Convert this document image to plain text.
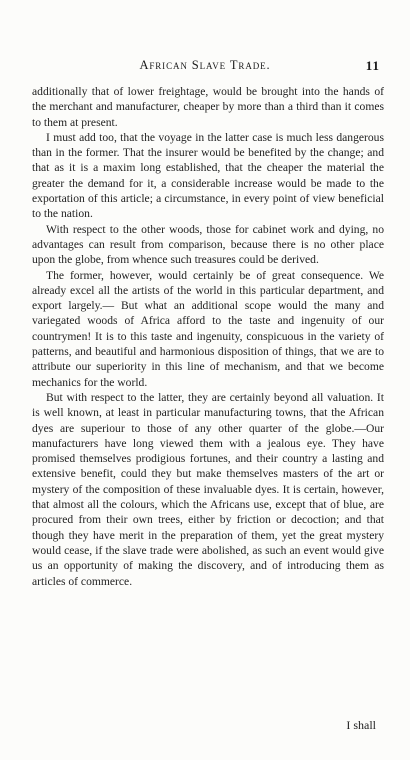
African Slave Trade.	11

additionally that of lower freightage, would be brought into the hands of the merchant and manufacturer, cheaper by more than a third than it comes to them at present.

I must add too, that the voyage in the latter case is much less dangerous than in the former. That the insurer would be benefited by the change; and that as it is a maxim long established, that the cheaper the material the greater the demand for it, a considerable increase would be made to the exportation of this article; a circumstance, in every point of view beneficial to the nation.

With respect to the other woods, those for cabinet work and dying, no advantages can result from comparison, because there is no other place upon the globe, from whence such treasures could be derived.

The former, however, would certainly be of great consequence. We already excel all the artists of the world in this particular department, and export largely.— But what an additional scope would the many and variegated woods of Africa afford to the taste and ingenuity of our countrymen! It is to this taste and ingenuity, conspicuous in the variety of patterns, and beautiful and harmonious disposition of things, that we are to attribute our superiority in this line of mechanism, and that we become mechanics for the world.

But with respect to the latter, they are certainly beyond all valuation. It is well known, at least in particular manufacturing towns, that the African dyes are superiour to those of any other quarter of the globe.—Our manufacturers have long viewed them with a jealous eye. They have promised themselves prodigious fortunes, and their country a lasting and extensive benefit, could they but make themselves masters of the art or mystery of the composition of these invaluable dyes. It is certain, however, that almost all the colours, which the Africans use, except that of blue, are procured from their own trees, either by friction or decoction; and that though they have merit in the preparation of them, yet the great mystery would cease, if the slave trade were abolished, as such an event would give us an opportunity of making the discovery, and of introducing them as articles of commerce.

I shall
